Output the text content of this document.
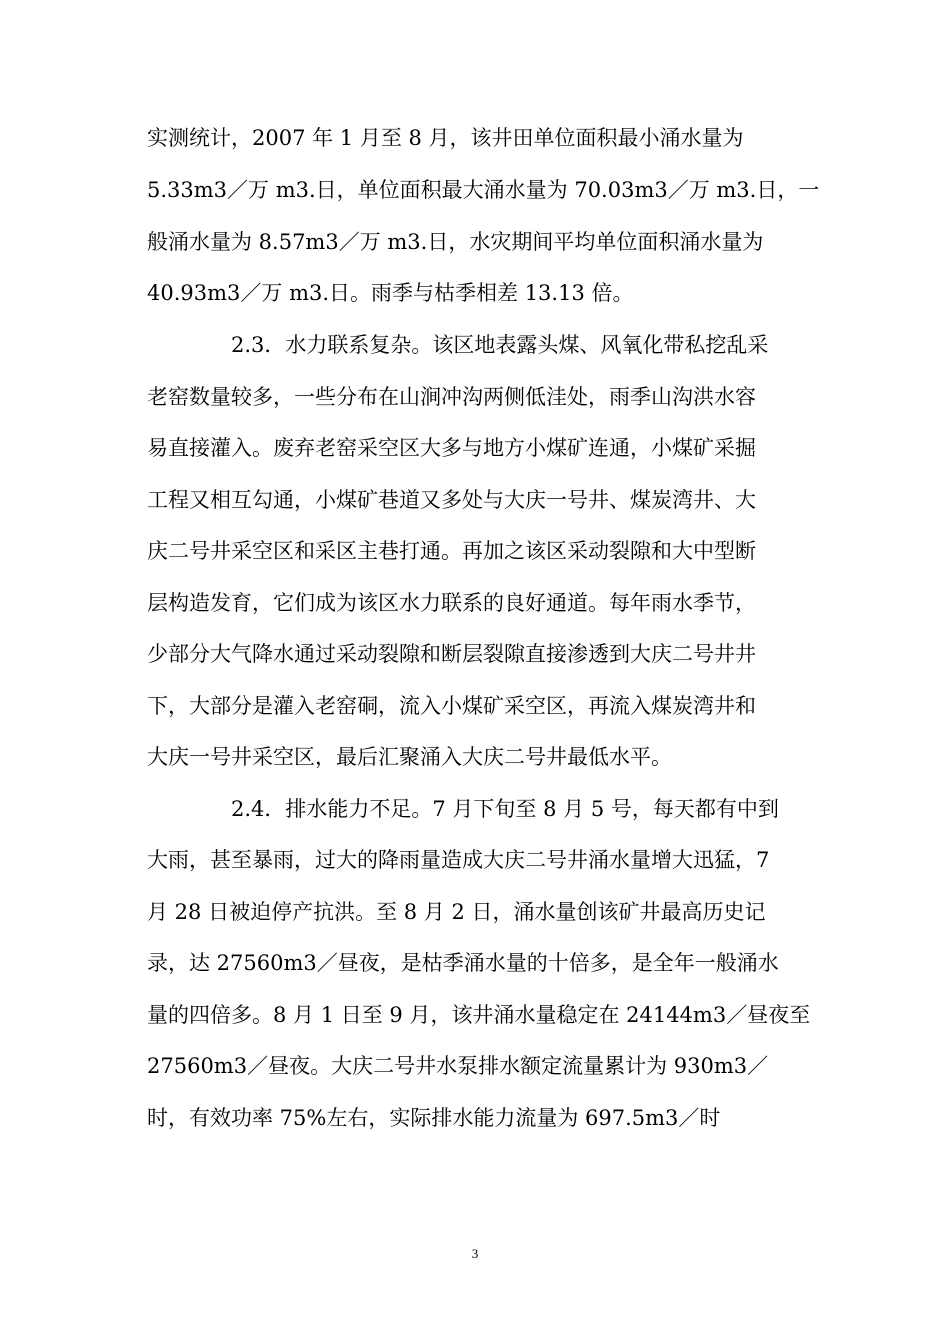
实测统计，2007 年 1 月至 8 月，该井田单位面积最小涌水量为

5.33m3／万 m3.日，单位面积最大涌水量为 70.03m3／万 m3.日，一

般涌水量为 8.57m3／万 m3.日，水灾期间平均单位面积涌水量为

40.93m3／万 m3.日。雨季与枯季相差 13.13 倍。

　　　　2.3．水力联系复杂。该区地表露头煤、风氧化带私挖乱采

老窑数量较多，一些分布在山涧冲沟两侧低洼处，雨季山沟洪水容

易直接灌入。废弃老窑采空区大多与地方小煤矿连通，小煤矿采掘

工程又相互勾通，小煤矿巷道又多处与大庆一号井、煤炭湾井、大

庆二号井采空区和采区主巷打通。再加之该区采动裂隙和大中型断

层构造发育，它们成为该区水力联系的良好通道。每年雨水季节，

少部分大气降水通过采动裂隙和断层裂隙直接渗透到大庆二号井井

下，大部分是灌入老窑硐，流入小煤矿采空区，再流入煤炭湾井和

大庆一号井采空区，最后汇聚涌入大庆二号井最低水平。

　　　　2.4．排水能力不足。7 月下旬至 8 月 5 号，每天都有中到

大雨，甚至暴雨，过大的降雨量造成大庆二号井涌水量增大迅猛，7

月 28 日被迫停产抗洪。至 8 月 2 日，涌水量创该矿井最高历史记

录，达 27560m3／昼夜，是枯季涌水量的十倍多，是全年一般涌水

量的四倍多。8 月 1 日至 9 月，该井涌水量稳定在 24144m3／昼夜至

27560m3／昼夜。大庆二号井水泵排水额定流量累计为 930m3／

时，有效功率 75%左右，实际排水能力流量为 697.5m3／时

3
